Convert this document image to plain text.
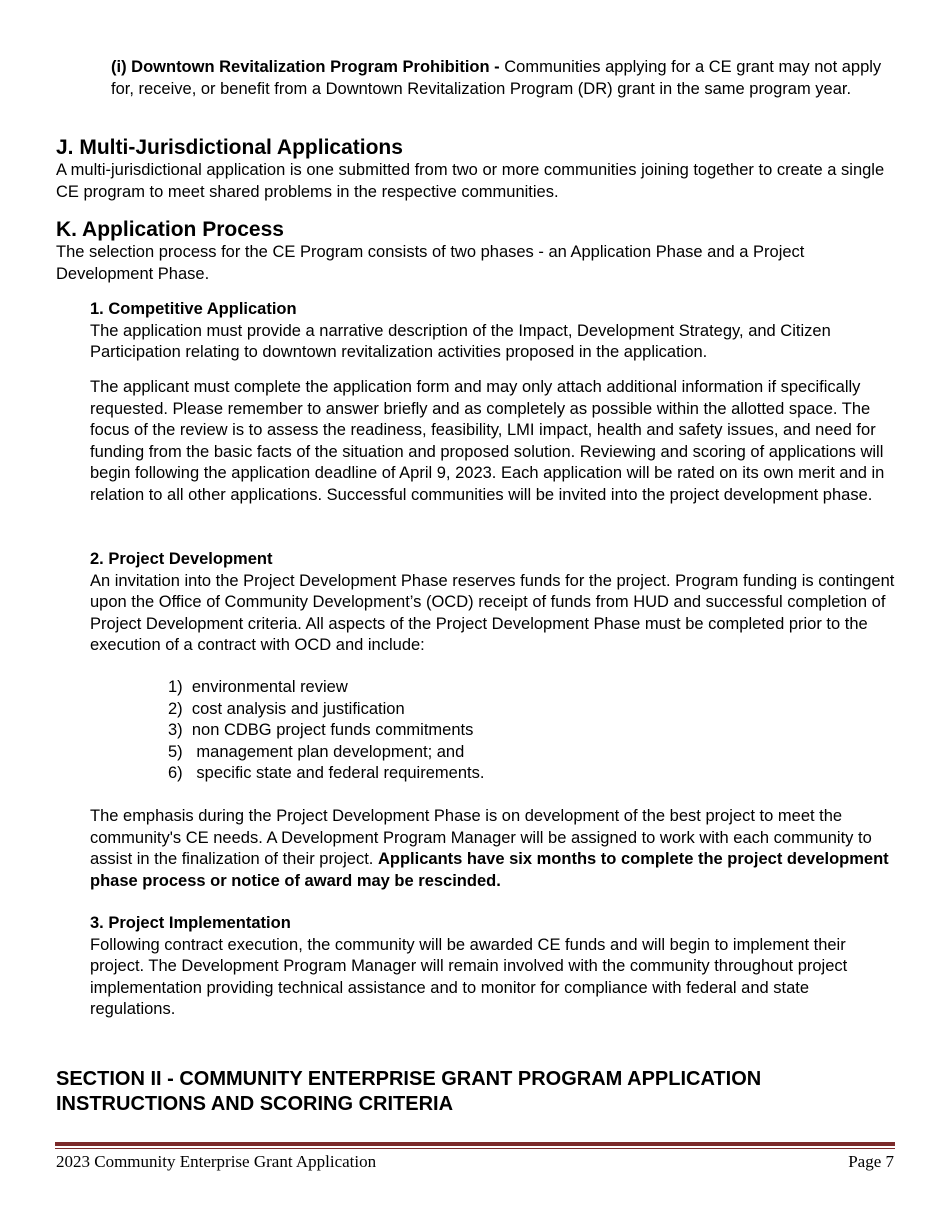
(i) Downtown Revitalization Program Prohibition - Communities applying for a CE grant may not apply for, receive, or benefit from a Downtown Revitalization Program (DR) grant in the same program year.
J. Multi-Jurisdictional Applications
A multi-jurisdictional application is one submitted from two or more communities joining together to create a single CE program to meet shared problems in the respective communities.
K. Application Process
The selection process for the CE Program consists of two phases - an Application Phase and a Project Development Phase.
1. Competitive Application
The application must provide a narrative description of the Impact, Development Strategy, and Citizen Participation relating to downtown revitalization activities proposed in the application.
The applicant must complete the application form and may only attach additional information if specifically requested. Please remember to answer briefly and as completely as possible within the allotted space. The focus of the review is to assess the readiness, feasibility, LMI impact, health and safety issues, and need for funding from the basic facts of the situation and proposed solution. Reviewing and scoring of applications will begin following the application deadline of April 9, 2023. Each application will be rated on its own merit and in relation to all other applications. Successful communities will be invited into the project development phase.
2. Project Development
An invitation into the Project Development Phase reserves funds for the project. Program funding is contingent upon the Office of Community Development’s (OCD) receipt of funds from HUD and successful completion of Project Development criteria. All aspects of the Project Development Phase must be completed prior to the execution of a contract with OCD and include:
1)  environmental review
2)  cost analysis and justification
3)  non CDBG project funds commitments
5)   management plan development; and
6)   specific state and federal requirements.
The emphasis during the Project Development Phase is on development of the best project to meet the community's CE needs. A Development Program Manager will be assigned to work with each community to assist in the finalization of their project. Applicants have six months to complete the project development phase process or notice of award may be rescinded.
3. Project Implementation
Following contract execution, the community will be awarded CE funds and will begin to implement their project. The Development Program Manager will remain involved with the community throughout project implementation providing technical assistance and to monitor for compliance with federal and state regulations.
SECTION II - COMMUNITY ENTERPRISE GRANT PROGRAM APPLICATION INSTRUCTIONS AND SCORING CRITERIA
2023 Community Enterprise Grant Application	Page 7
